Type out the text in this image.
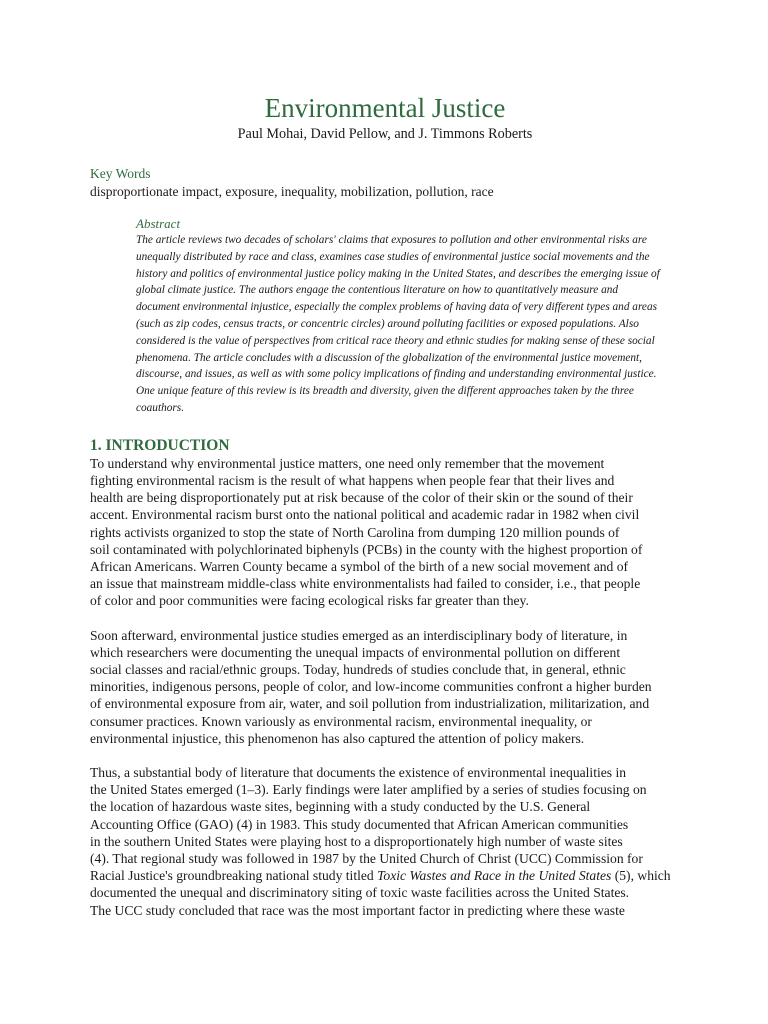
Environmental Justice

Paul Mohai, David Pellow, and J. Timmons Roberts

Key Words

disproportionate impact, exposure, inequality, mobilization, pollution, race

Abstract

The article reviews two decades of scholars' claims that exposures to pollution and other environmental risks are

unequally distributed by race and class, examines case studies of environmental justice social movements and the

history and politics of environmental justice policy making in the United States, and describes the emerging issue of

global climate justice. The authors engage the contentious literature on how to quantitatively measure and

document environmental injustice, especially the complex problems of having data of very different types and areas

(such as zip codes, census tracts, or concentric circles) around polluting facilities or exposed populations. Also

considered is the value of perspectives from critical race theory and ethnic studies for making sense of these social

phenomena. The article concludes with a discussion of the globalization of the environmental justice movement,

discourse, and issues, as well as with some policy implications of finding and understanding environmental justice.

One unique feature of this review is its breadth and diversity, given the different approaches taken by the three

coauthors.

1. INTRODUCTION

To understand why environmental justice matters, one need only remember that the movement

fighting environmental racism is the result of what happens when people fear that their lives and

health are being disproportionately put at risk because of the color of their skin or the sound of their

accent. Environmental racism burst onto the national political and academic radar in 1982 when civil

rights activists organized to stop the state of North Carolina from dumping 120 million pounds of

soil contaminated with polychlorinated biphenyls (PCBs) in the county with the highest proportion of

African Americans. Warren County became a symbol of the birth of a new social movement and of

an issue that mainstream middle-class white environmentalists had failed to consider, i.e., that people

of color and poor communities were facing ecological risks far greater than they.

Soon afterward, environmental justice studies emerged as an interdisciplinary body of literature, in

which researchers were documenting the unequal impacts of environmental pollution on different

social classes and racial/ethnic groups. Today, hundreds of studies conclude that, in general, ethnic

minorities, indigenous persons, people of color, and low-income communities confront a higher burden

of environmental exposure from air, water, and soil pollution from industrialization, militarization, and

consumer practices. Known variously as environmental racism, environmental inequality, or

environmental injustice, this phenomenon has also captured the attention of policy makers.

Thus, a substantial body of literature that documents the existence of environmental inequalities in

the United States emerged (1–3). Early findings were later amplified by a series of studies focusing on

the location of hazardous waste sites, beginning with a study conducted by the U.S. General

Accounting Office (GAO) (4) in 1983. This study documented that African American communities

in the southern United States were playing host to a disproportionately high number of waste sites

(4). That regional study was followed in 1987 by the United Church of Christ (UCC) Commission for

Racial Justice's groundbreaking national study titled Toxic Wastes and Race in the United States (5), which

documented the unequal and discriminatory siting of toxic waste facilities across the United States.

The UCC study concluded that race was the most important factor in predicting where these waste
